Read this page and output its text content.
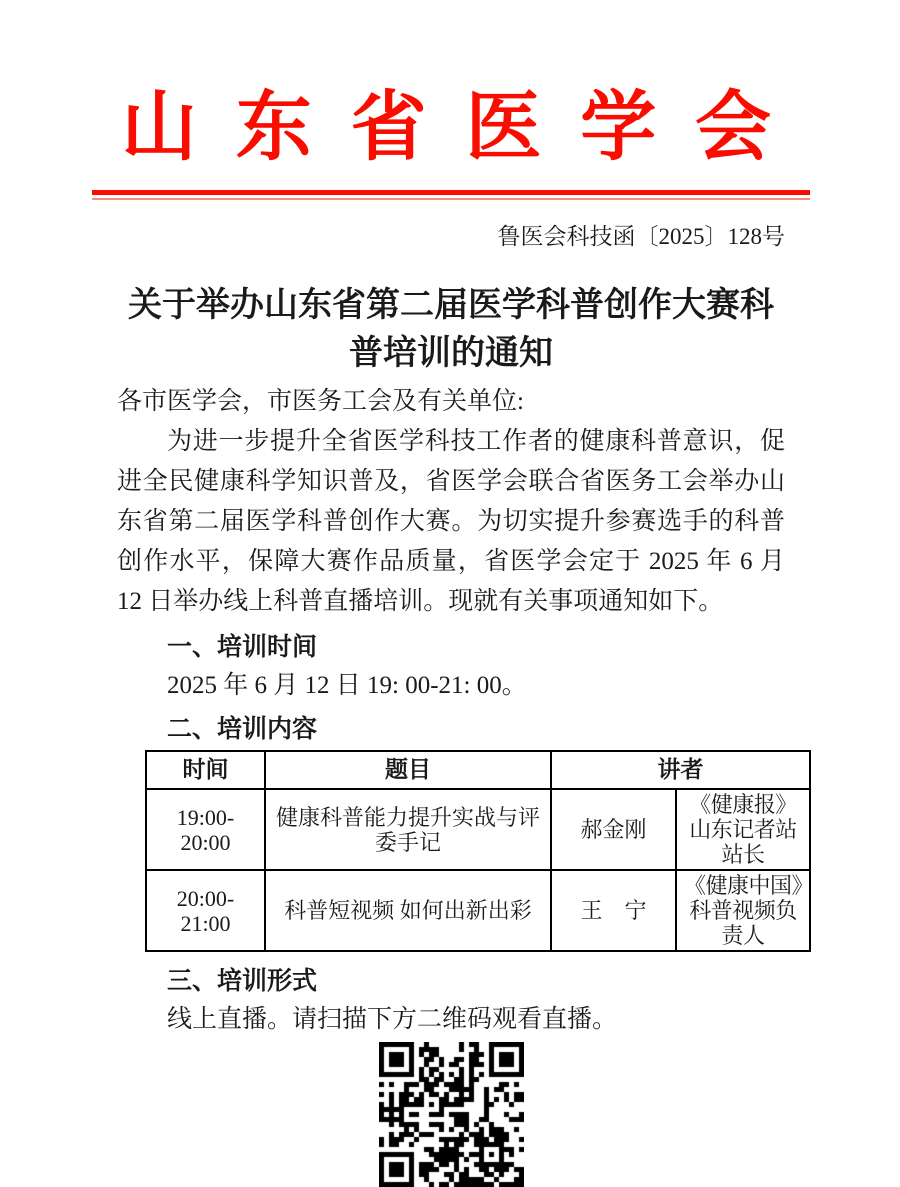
山 东 省 医 学 会
鲁医会科技函〔2025〕128号
关于举办山东省第二届医学科普创作大赛科
普培训的通知
各市医学会，市医务工会及有关单位:

为进一步提升全省医学科技工作者的健康科普意识，促进全民健康科学知识普及，省医学会联合省医务工会举办山东省第二届医学科普创作大赛。为切实提升参赛选手的科普创作水平，保障大赛作品质量，省医学会定于 2025 年 6 月 12 日举办线上科普直播培训。现就有关事项通知如下。

一、培训时间
2025 年 6 月 12 日 19: 00-21: 00。
二、培训内容
时间	题目	讲者	
19:00-20:00	健康科普能力提升实战与评委手记	郝金刚	《健康报》山东记者站站长
20:00-21:00	科普短视频 如何出新出彩	王　宁	《健康中国》科普视频负责人
三、培训形式
线上直播。请扫描下方二维码观看直播。
